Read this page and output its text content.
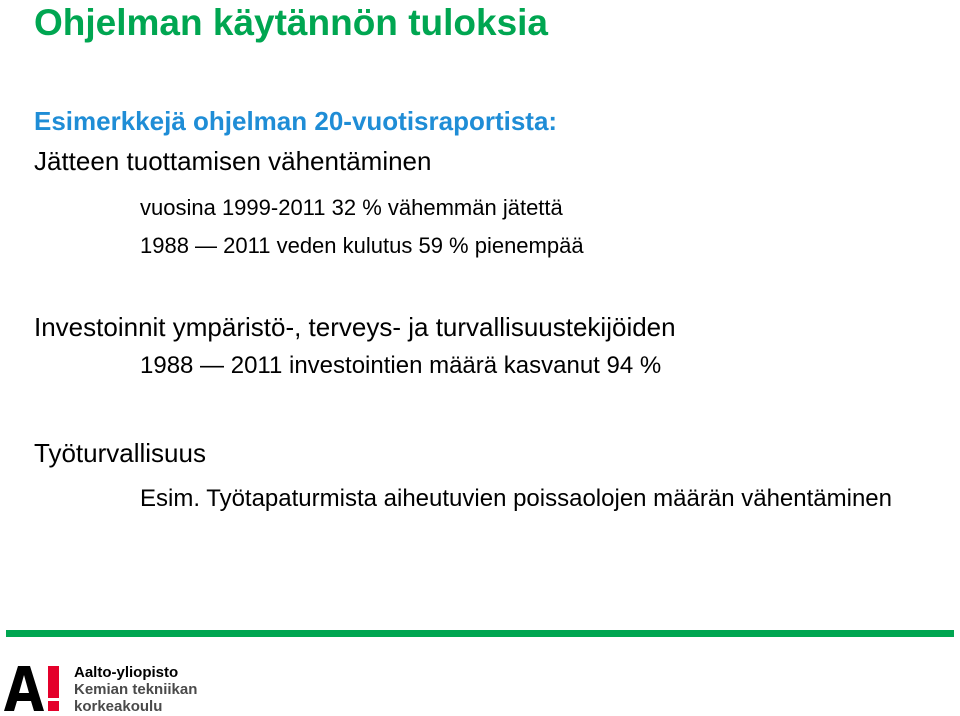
Ohjelman käytännön tuloksia
Esimerkkejä ohjelman 20-vuotisraportista:
Jätteen tuottamisen vähentäminen
vuosina 1999-2011 32 % vähemmän jätettä
1988 — 2011 veden kulutus 59 % pienempää
Investoinnit ympäristö-, terveys- ja turvallisuustekijöiden
1988 — 2011 investointien määrä kasvanut 94 %
Työturvallisuus
Esim. Työtapaturmista aiheutuvien poissaolojen määrän vähentäminen
Aalto-yliopisto
Kemian tekniikan
korkeakoulu
